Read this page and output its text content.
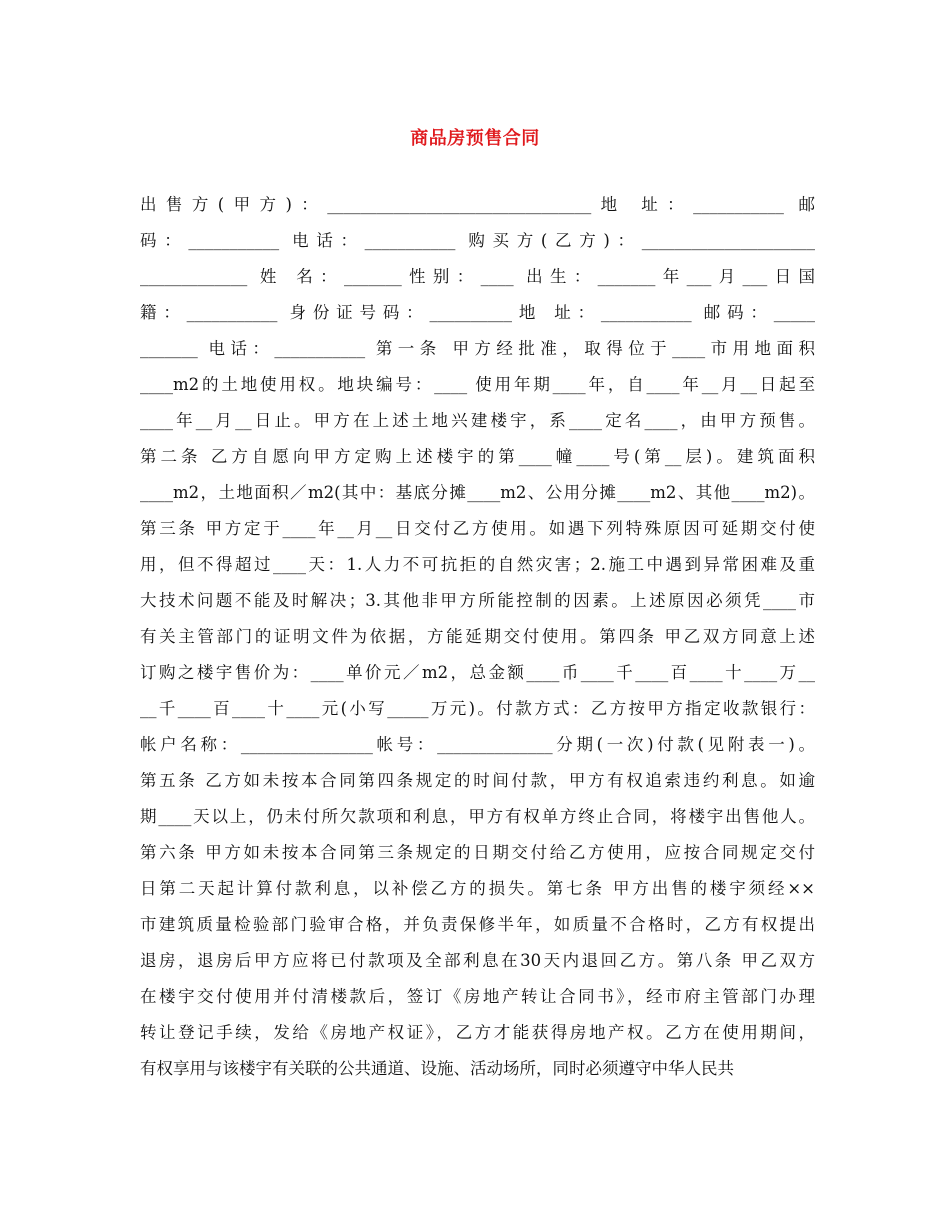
商品房预售合同
出售方(甲方)：________________________________地 址：___________ 邮
码：___________ 电话：___________ 购买方(乙方)：_____________________
_____________ 姓 名：_______性别：____ 出生：_______年___月___日国
籍：___________ 身份证号码：__________地 址：___________ 邮码：_____
_______ 电话：___________ 第一条 甲方经批准，取得位于____市用地面积
____m2的土地使用权。地块编号：____ 使用年期____年，自____年__月__日起至
____年__月__日止。甲方在上述土地兴建楼宇，系____定名____，由甲方预售。
第二条 乙方自愿向甲方定购上述楼宇的第____幢____号(第__层)。建筑面积
____m2，土地面积／m2(其中：基底分摊____m2、公用分摊____m2、其他____m2)。
第三条 甲方定于____年__月__日交付乙方使用。如遇下列特殊原因可延期交付使
用，但不得超过____天：1.人力不可抗拒的自然灾害；2.施工中遇到异常困难及重
大技术问题不能及时解决；3.其他非甲方所能控制的因素。上述原因必须凭____市
有关主管部门的证明文件为依据，方能延期交付使用。第四条 甲乙双方同意上述
订购之楼宇售价为：____单价元／m2，总金额____币____千____百____十____万__
__千____百____十____元(小写_____万元)。付款方式：乙方按甲方指定收款银行：
帐户名称：________________帐号：______________分期(一次)付款(见附表一)。
第五条 乙方如未按本合同第四条规定的时间付款，甲方有权追索违约利息。如逾
期____天以上，仍未付所欠款项和利息，甲方有权单方终止合同，将楼宇出售他人。
第六条 甲方如未按本合同第三条规定的日期交付给乙方使用，应按合同规定交付
日第二天起计算付款利息，以补偿乙方的损失。第七条 甲方出售的楼宇须经××
市建筑质量检验部门验审合格，并负责保修半年，如质量不合格时，乙方有权提出
退房，退房后甲方应将已付款项及全部利息在30天内退回乙方。第八条 甲乙双方
在楼宇交付使用并付清楼款后，签订《房地产转让合同书》，经市府主管部门办理
转让登记手续，发给《房地产权证》，乙方才能获得房地产权。乙方在使用期间，
有权享用与该楼宇有关联的公共通道、设施、活动场所，同时必须遵守中华人民共
